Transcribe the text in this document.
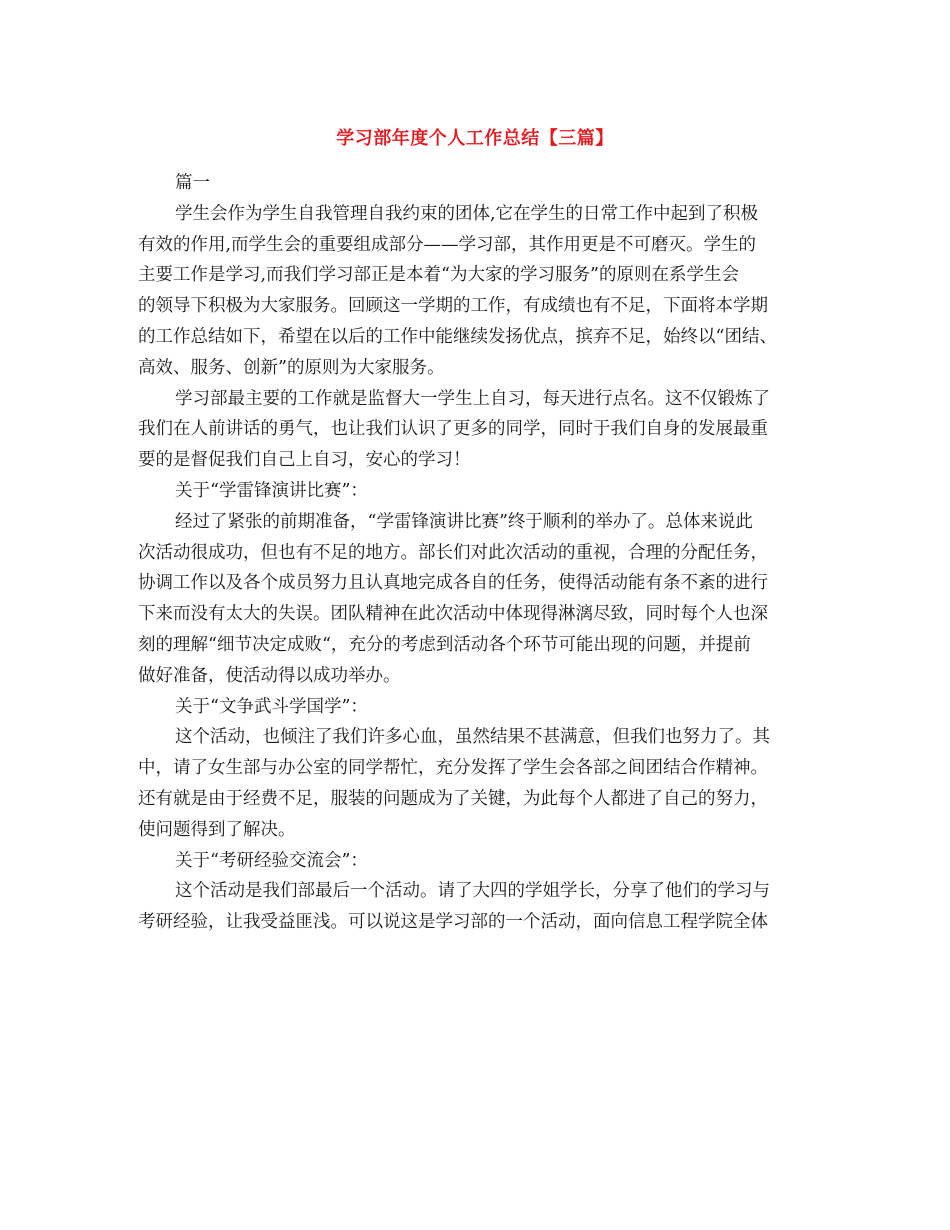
学习部年度个人工作总结【三篇】
篇一
学生会作为学生自我管理自我约束的团体,它在学生的日常工作中起到了积极
有效的作用,而学生会的重要组成部分——学习部，其作用更是不可磨灭。学生的
主要工作是学习,而我们学习部正是本着“为大家的学习服务”的原则在系学生会
的领导下积极为大家服务。回顾这一学期的工作，有成绩也有不足，下面将本学期
的工作总结如下，希望在以后的工作中能继续发扬优点，摈弃不足，始终以“团结、
高效、服务、创新”的原则为大家服务。
学习部最主要的工作就是监督大一学生上自习，每天进行点名。这不仅锻炼了
我们在人前讲话的勇气，也让我们认识了更多的同学，同时于我们自身的发展最重
要的是督促我们自己上自习，安心的学习！
关于“学雷锋演讲比赛”：
经过了紧张的前期准备，“学雷锋演讲比赛”终于顺利的举办了。总体来说此
次活动很成功，但也有不足的地方。部长们对此次活动的重视，合理的分配任务，
协调工作以及各个成员努力且认真地完成各自的任务，使得活动能有条不紊的进行
下来而没有太大的失误。团队精神在此次活动中体现得淋漓尽致，同时每个人也深
刻的理解“细节决定成败“，充分的考虑到活动各个环节可能出现的问题，并提前
做好准备，使活动得以成功举办。
关于“文争武斗学国学”：
这个活动，也倾注了我们许多心血，虽然结果不甚满意，但我们也努力了。其
中，请了女生部与办公室的同学帮忙，充分发挥了学生会各部之间团结合作精神。
还有就是由于经费不足，服装的问题成为了关键，为此每个人都进了自己的努力，
使问题得到了解决。
关于“考研经验交流会”：
这个活动是我们部最后一个活动。请了大四的学姐学长，分享了他们的学习与
考研经验，让我受益匪浅。可以说这是学习部的一个活动，面向信息工程学院全体
